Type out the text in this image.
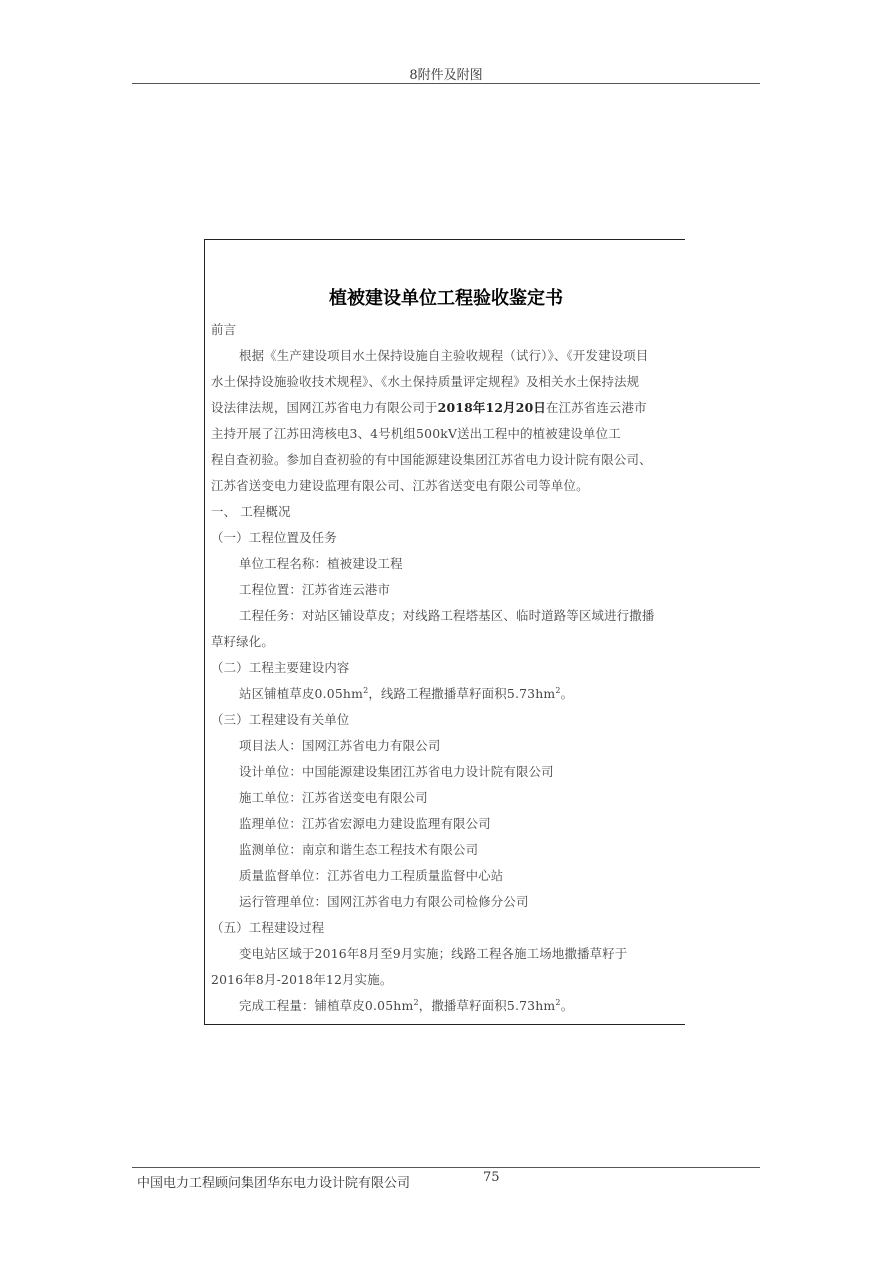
8附件及附图
植被建设单位工程验收鉴定书
前言
根据《生产建设项目水土保持设施自主验收规程（试行）》、《开发建设项目
水土保持设施验收技术规程》、《水土保持质量评定规程》及相关水土保持法规
设法律法规，国网江苏省电力有限公司于2018年12月20日在江苏省连云港市
主持开展了江苏田湾核电3、4号机组500kV送出工程中的植被建设单位工
程自查初验。参加自查初验的有中国能源建设集团江苏省电力设计院有限公司、
江苏省送变电力建设监理有限公司、江苏省送变电有限公司等单位。
一、 工程概况
（一）工程位置及任务
单位工程名称：植被建设工程
工程位置：江苏省连云港市
工程任务：对站区铺设草皮；对线路工程塔基区、临时道路等区域进行撒播
草籽绿化。
（二）工程主要建设内容
站区铺植草皮$0.05hm^2$，线路工程撒播草籽面积$5.73hm^2$。
（三）工程建设有关单位
项目法人：国网江苏省电力有限公司
设计单位：中国能源建设集团江苏省电力设计院有限公司
施工单位：江苏省送变电有限公司
监理单位：江苏省宏源电力建设监理有限公司
监测单位：南京和谐生态工程技术有限公司
质量监督单位：江苏省电力工程质量监督中心站
运行管理单位：国网江苏省电力有限公司检修分公司
（五）工程建设过程
变电站区域于2016年8月至9月实施；线路工程各施工场地撒播草籽于
2016年8月-2018年12月实施。
完成工程量：铺植草皮$0.05hm^2$，撒播草籽面积$5.73hm^2$。
中国电力工程顾问集团华东电力设计院有限公司	75
